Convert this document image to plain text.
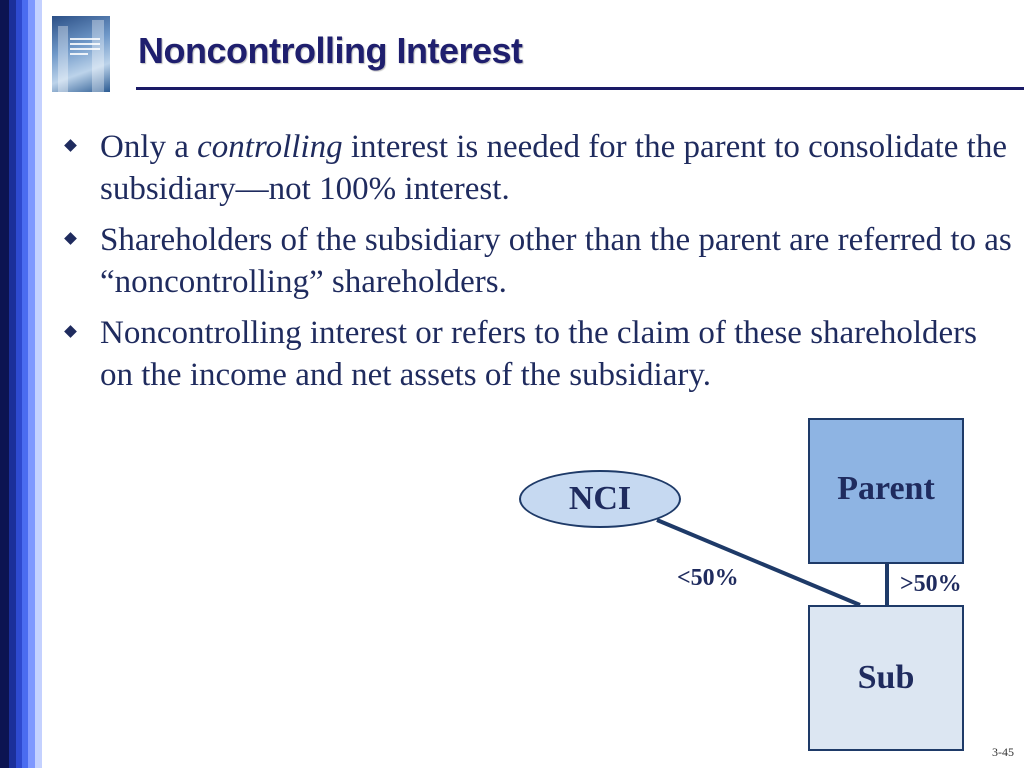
Noncontrolling Interest
Only a controlling interest is needed for the parent to consolidate the subsidiary—not 100% interest.
Shareholders of the subsidiary other than the parent are referred to as “noncontrolling” shareholders.
Noncontrolling interest or refers to the claim of these shareholders on the income and net assets of the subsidiary.
NCI	Parent
Sub
<50%	>50%
3-45
